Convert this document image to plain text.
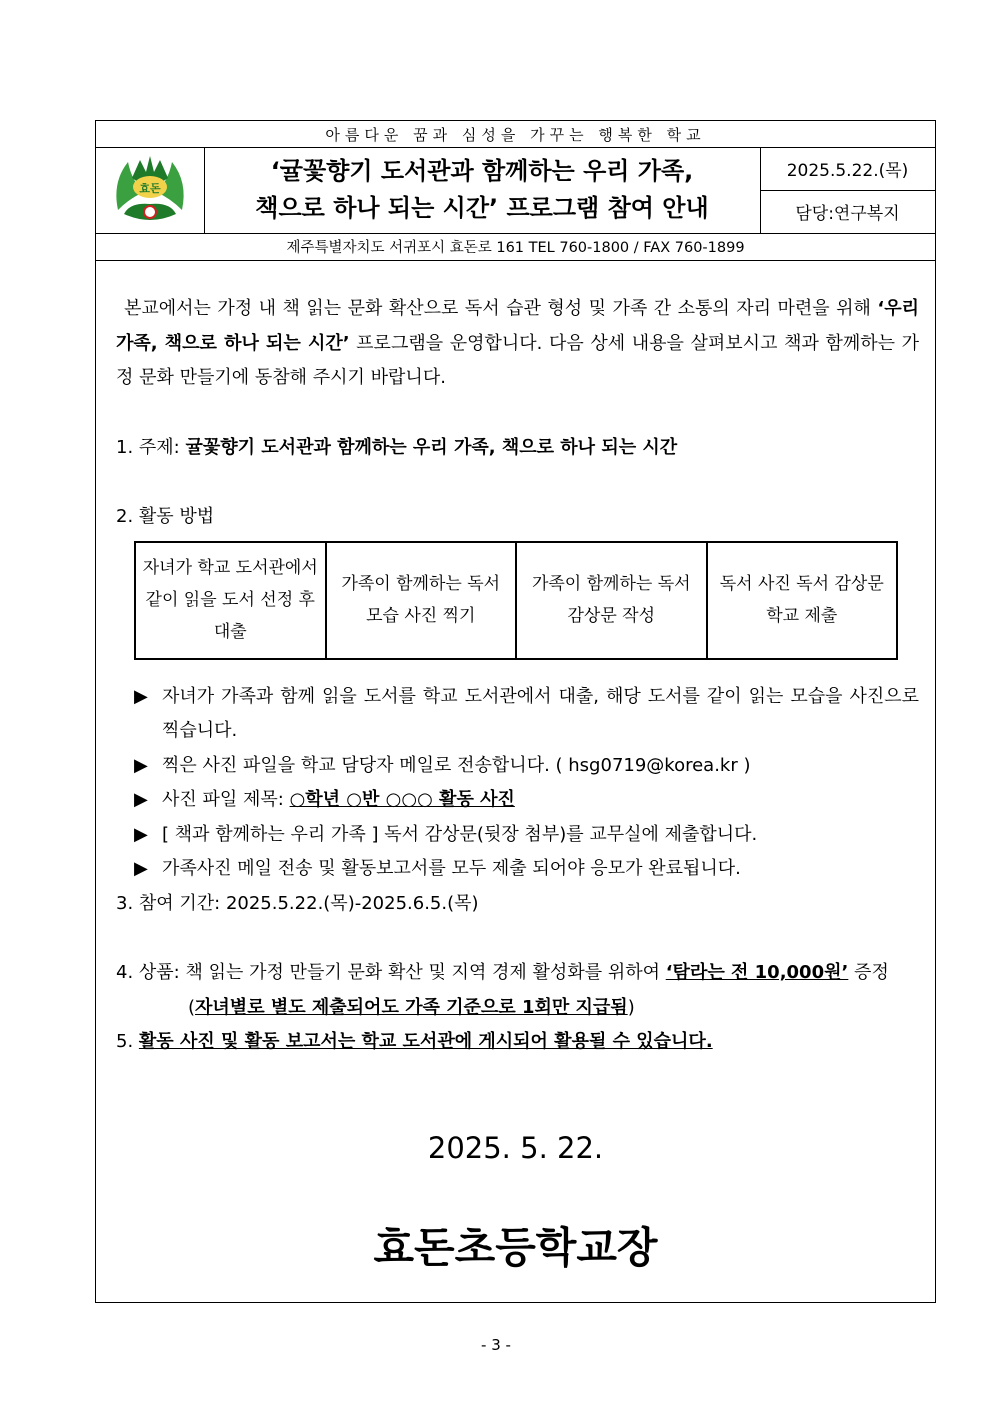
아름다운 꿈과 심성을 가꾸는 행복한 학교
효돈
‘귤꽃향기 도서관과 함께하는 우리 가족,
책으로 하나 되는 시간’ 프로그램 참여 안내
2025.5.22.(목)
담당:연구복지
제주특별자치도 서귀포시 효돈로 161 TEL 760-1800 / FAX 760-1899

본교에서는 가정 내 책 읽는 문화 확산으로 독서 습관 형성 및 가족 간 소통의 자리 마련을 위해 ‘우리 가족, 책으로 하나 되는 시간’ 프로그램을 운영합니다. 다음 상세 내용을 살펴보시고 책과 함께하는 가정 문화 만들기에 동참해 주시기 바랍니다.

1. 주제: 귤꽃향기 도서관과 함께하는 우리 가족, 책으로 하나 되는 시간

2. 활동 방법

자녀가 학교 도서관에서 같이 읽을 도서 선정 후 대출	가족이 함께하는 독서 모습 사진 찍기	가족이 함께하는 독서 감상문 작성	독서 사진 독서 감상문 학교 제출
▶ 자녀가 가족과 함께 읽을 도서를 학교 도서관에서 대출, 해당 도서를 같이 읽는 모습을 사진으로 찍습니다.
▶ 찍은 사진 파일을 학교 담당자 메일로 전송합니다. ( hsg0719@korea.kr )
▶ 사진 파일 제목: ○학년 ○반 ○○○ 활동 사진
▶ [ 책과 함께하는 우리 가족 ] 독서 감상문(뒷장 첨부)를 교무실에 제출합니다.
▶ 가족사진 메일 전송 및 활동보고서를 모두 제출 되어야 응모가 완료됩니다.

3. 참여 기간: 2025.5.22.(목)-2025.6.5.(목)

4. 상품: 책 읽는 가정 만들기 문화 확산 및 지역 경제 활성화를 위하여 ‘탐라는 전 10,000원’ 증정

(자녀별로 별도 제출되어도 가족 기준으로 1회만 지급됨)

5. 활동 사진 및 활동 보고서는 학교 도서관에 게시되어 활용될 수 있습니다.

2025. 5. 22.
효돈초등학교장
- 3 -
